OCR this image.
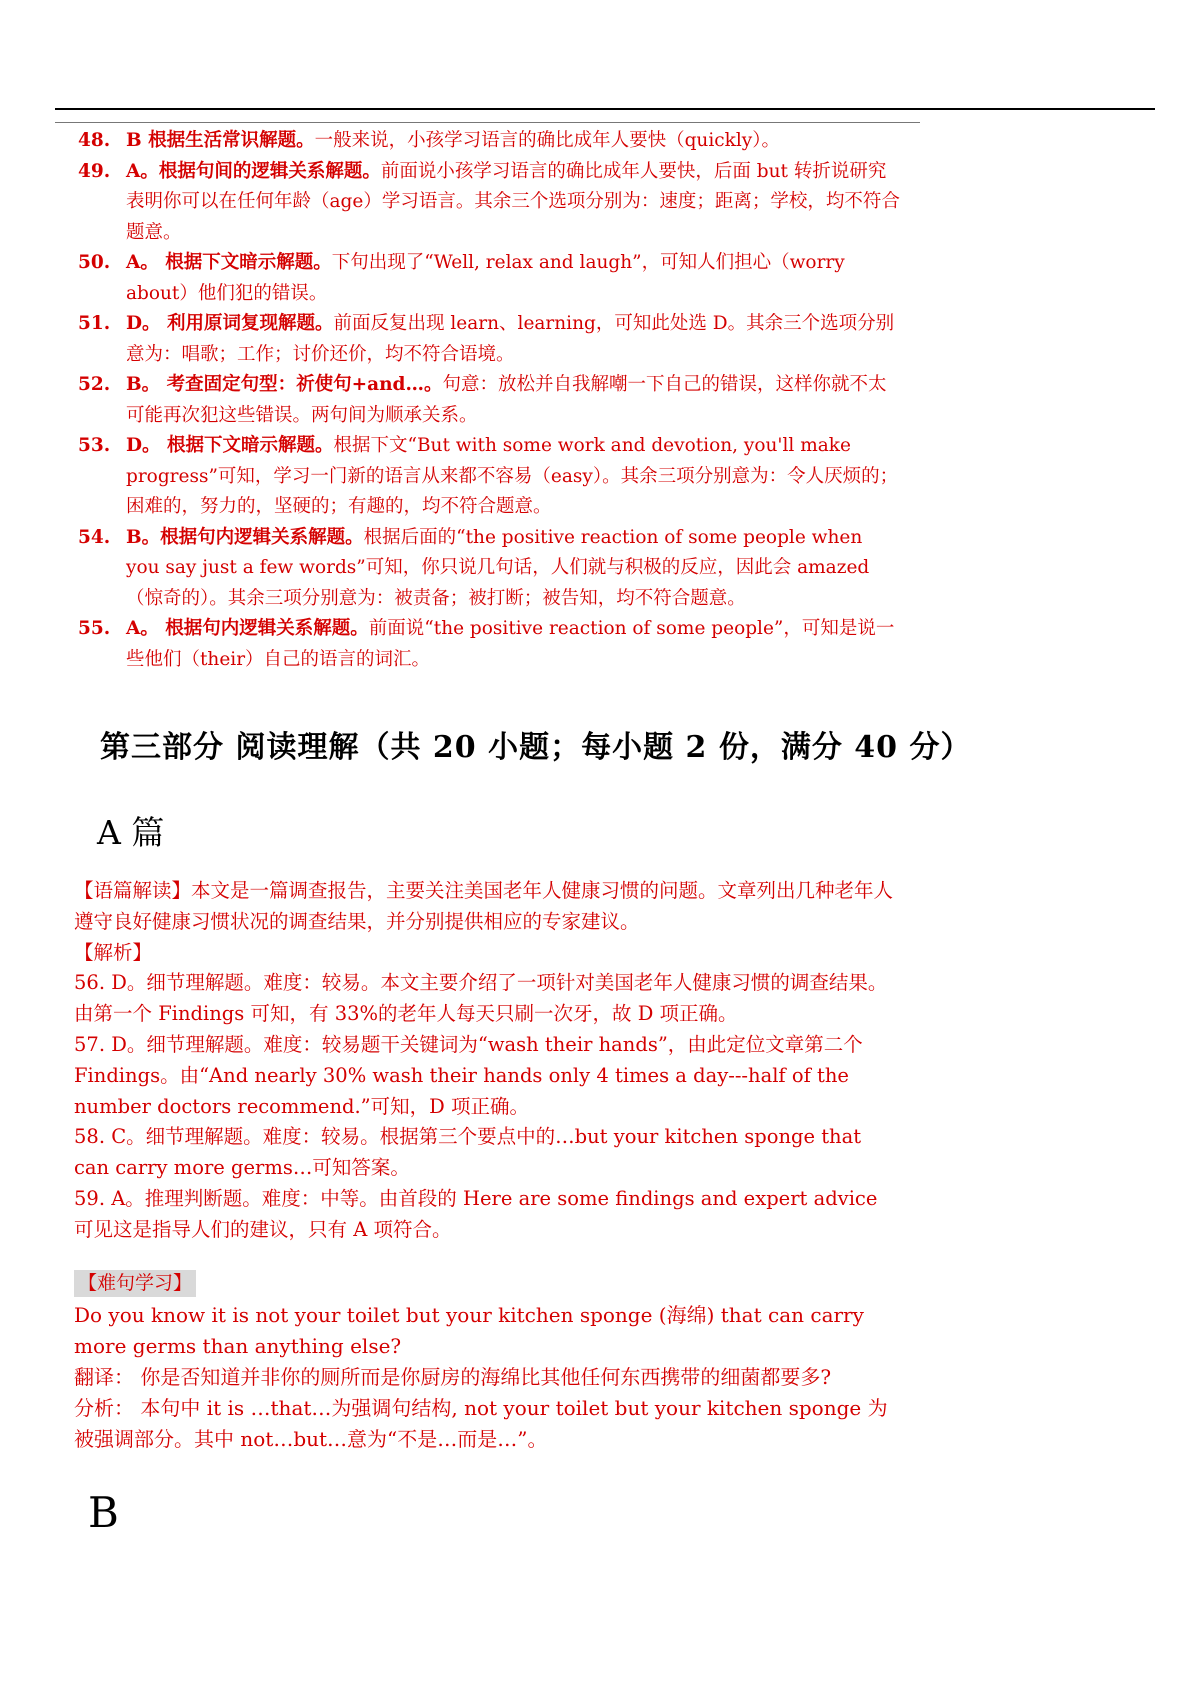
48. B 根据生活常识解题。一般来说，小孩学习语言的确比成年人要快（quickly）。
49. A。根据句间的逻辑关系解题。前面说小孩学习语言的确比成年人要快，后面 but 转折说研究表明你可以在任何年龄（age）学习语言。其余三个选项分别为：速度；距离；学校，均不符合题意。
50. A。 根据下文暗示解题。下句出现了“Well, relax and laugh”，可知人们担心（worry about）他们犯的错误。
51. D。 利用原词复现解题。前面反复出现 learn、learning，可知此处选 D。其余三个选项分别意为：唱歌；工作；讨价还价，均不符合语境。
52. B。 考查固定句型：祈使句+and…。句意：放松并自我解嘲一下自己的错误，这样你就不太可能再次犯这些错误。两句间为顺承关系。
53. D。 根据下文暗示解题。根据下文“But with some work and devotion, you'll make progress”可知，学习一门新的语言从来都不容易（easy）。其余三项分别意为：令人厌烦的；困难的，努力的，坚硬的；有趣的，均不符合题意。
54. B。根据句内逻辑关系解题。根据后面的“the positive reaction of some people when you say just a few words”可知，你只说几句话，人们就与积极的反应，因此会 amazed（惊奇的）。其余三项分别意为：被责备；被打断；被告知，均不符合题意。
55. A。 根据句内逻辑关系解题。前面说“the positive reaction of some people”，可知是说一些他们（their）自己的语言的词汇。
第三部分 阅读理解（共 20 小题；每小题 2 份，满分 40 分）
A 篇

【语篇解读】本文是一篇调查报告，主要关注美国老年人健康习惯的问题。文章列出几种老年人遵守良好健康习惯状况的调查结果，并分别提供相应的专家建议。

【解析】

56. D。细节理解题。难度：较易。本文主要介绍了一项针对美国老年人健康习惯的调查结果。由第一个 Findings 可知，有 33%的老年人每天只刷一次牙，故 D 项正确。

57. D。细节理解题。难度：较易题干关键词为“wash their hands”，由此定位文章第二个 Findings。由“And nearly 30% wash their hands only 4 times a day---half of the number doctors recommend.”可知，D 项正确。

58. C。细节理解题。难度：较易。根据第三个要点中的…but your kitchen sponge that can carry more germs…可知答案。

59. A。推理判断题。难度：中等。由首段的 Here are some findings and expert advice 可见这是指导人们的建议，只有 A 项符合。

【难句学习】

Do you know it is not your toilet but your kitchen sponge (海绵) that can carry more germs than anything else?

翻译： 你是否知道并非你的厕所而是你厨房的海绵比其他任何东西携带的细菌都要多?

分析： 本句中 it is …that…为强调句结构, not your toilet but your kitchen sponge 为被强调部分。其中 not…but…意为“不是…而是…”。

B
